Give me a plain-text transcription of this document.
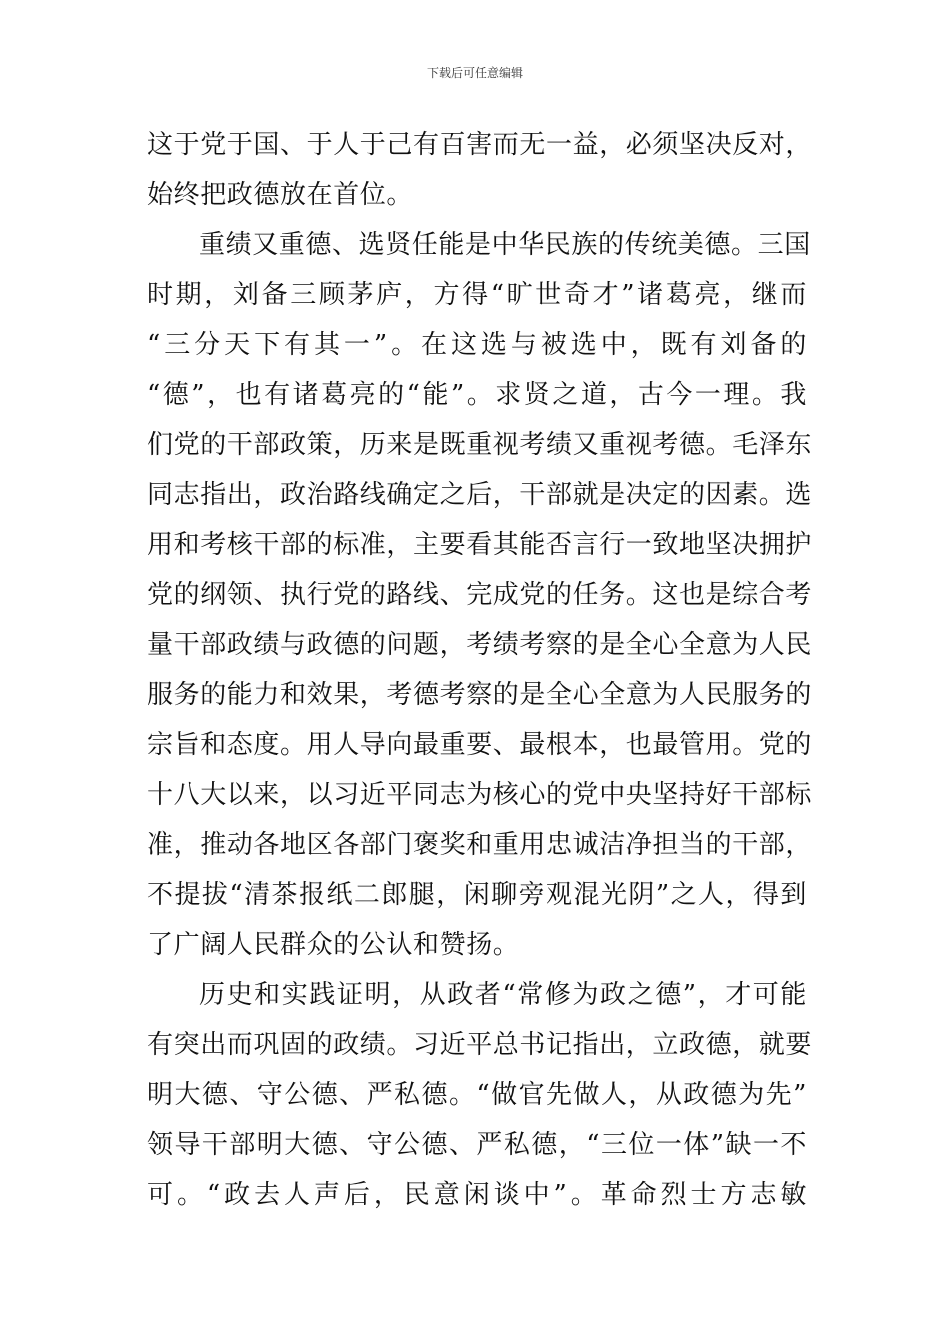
下载后可任意编辑
这于党于国、于人于己有百害而无一益，必须坚决反对，
始终把政德放在首位。
重绩又重德、选贤任能是中华民族的传统美德。三国
时期，刘备三顾茅庐，方得“旷世奇才”诸葛亮，继而
“三分天下有其一”。在这选与被选中，既有刘备的
“德”，也有诸葛亮的“能”。求贤之道，古今一理。我
们党的干部政策，历来是既重视考绩又重视考德。毛泽东
同志指出，政治路线确定之后，干部就是决定的因素。选
用和考核干部的标准，主要看其能否言行一致地坚决拥护
党的纲领、执行党的路线、完成党的任务。这也是综合考
量干部政绩与政德的问题，考绩考察的是全心全意为人民
服务的能力和效果，考德考察的是全心全意为人民服务的
宗旨和态度。用人导向最重要、最根本，也最管用。党的
十八大以来，以习近平同志为核心的党中央坚持好干部标
准，推动各地区各部门褒奖和重用忠诚洁净担当的干部，
不提拔“清茶报纸二郎腿，闲聊旁观混光阴”之人，得到
了广阔人民群众的公认和赞扬。
历史和实践证明，从政者“常修为政之德”，才可能
有突出而巩固的政绩。习近平总书记指出，立政德，就要
明大德、守公德、严私德。“做官先做人，从政德为先”
领导干部明大德、守公德、严私德，“三位一体”缺一不
可。“政去人声后，民意闲谈中”。革命烈士方志敏
